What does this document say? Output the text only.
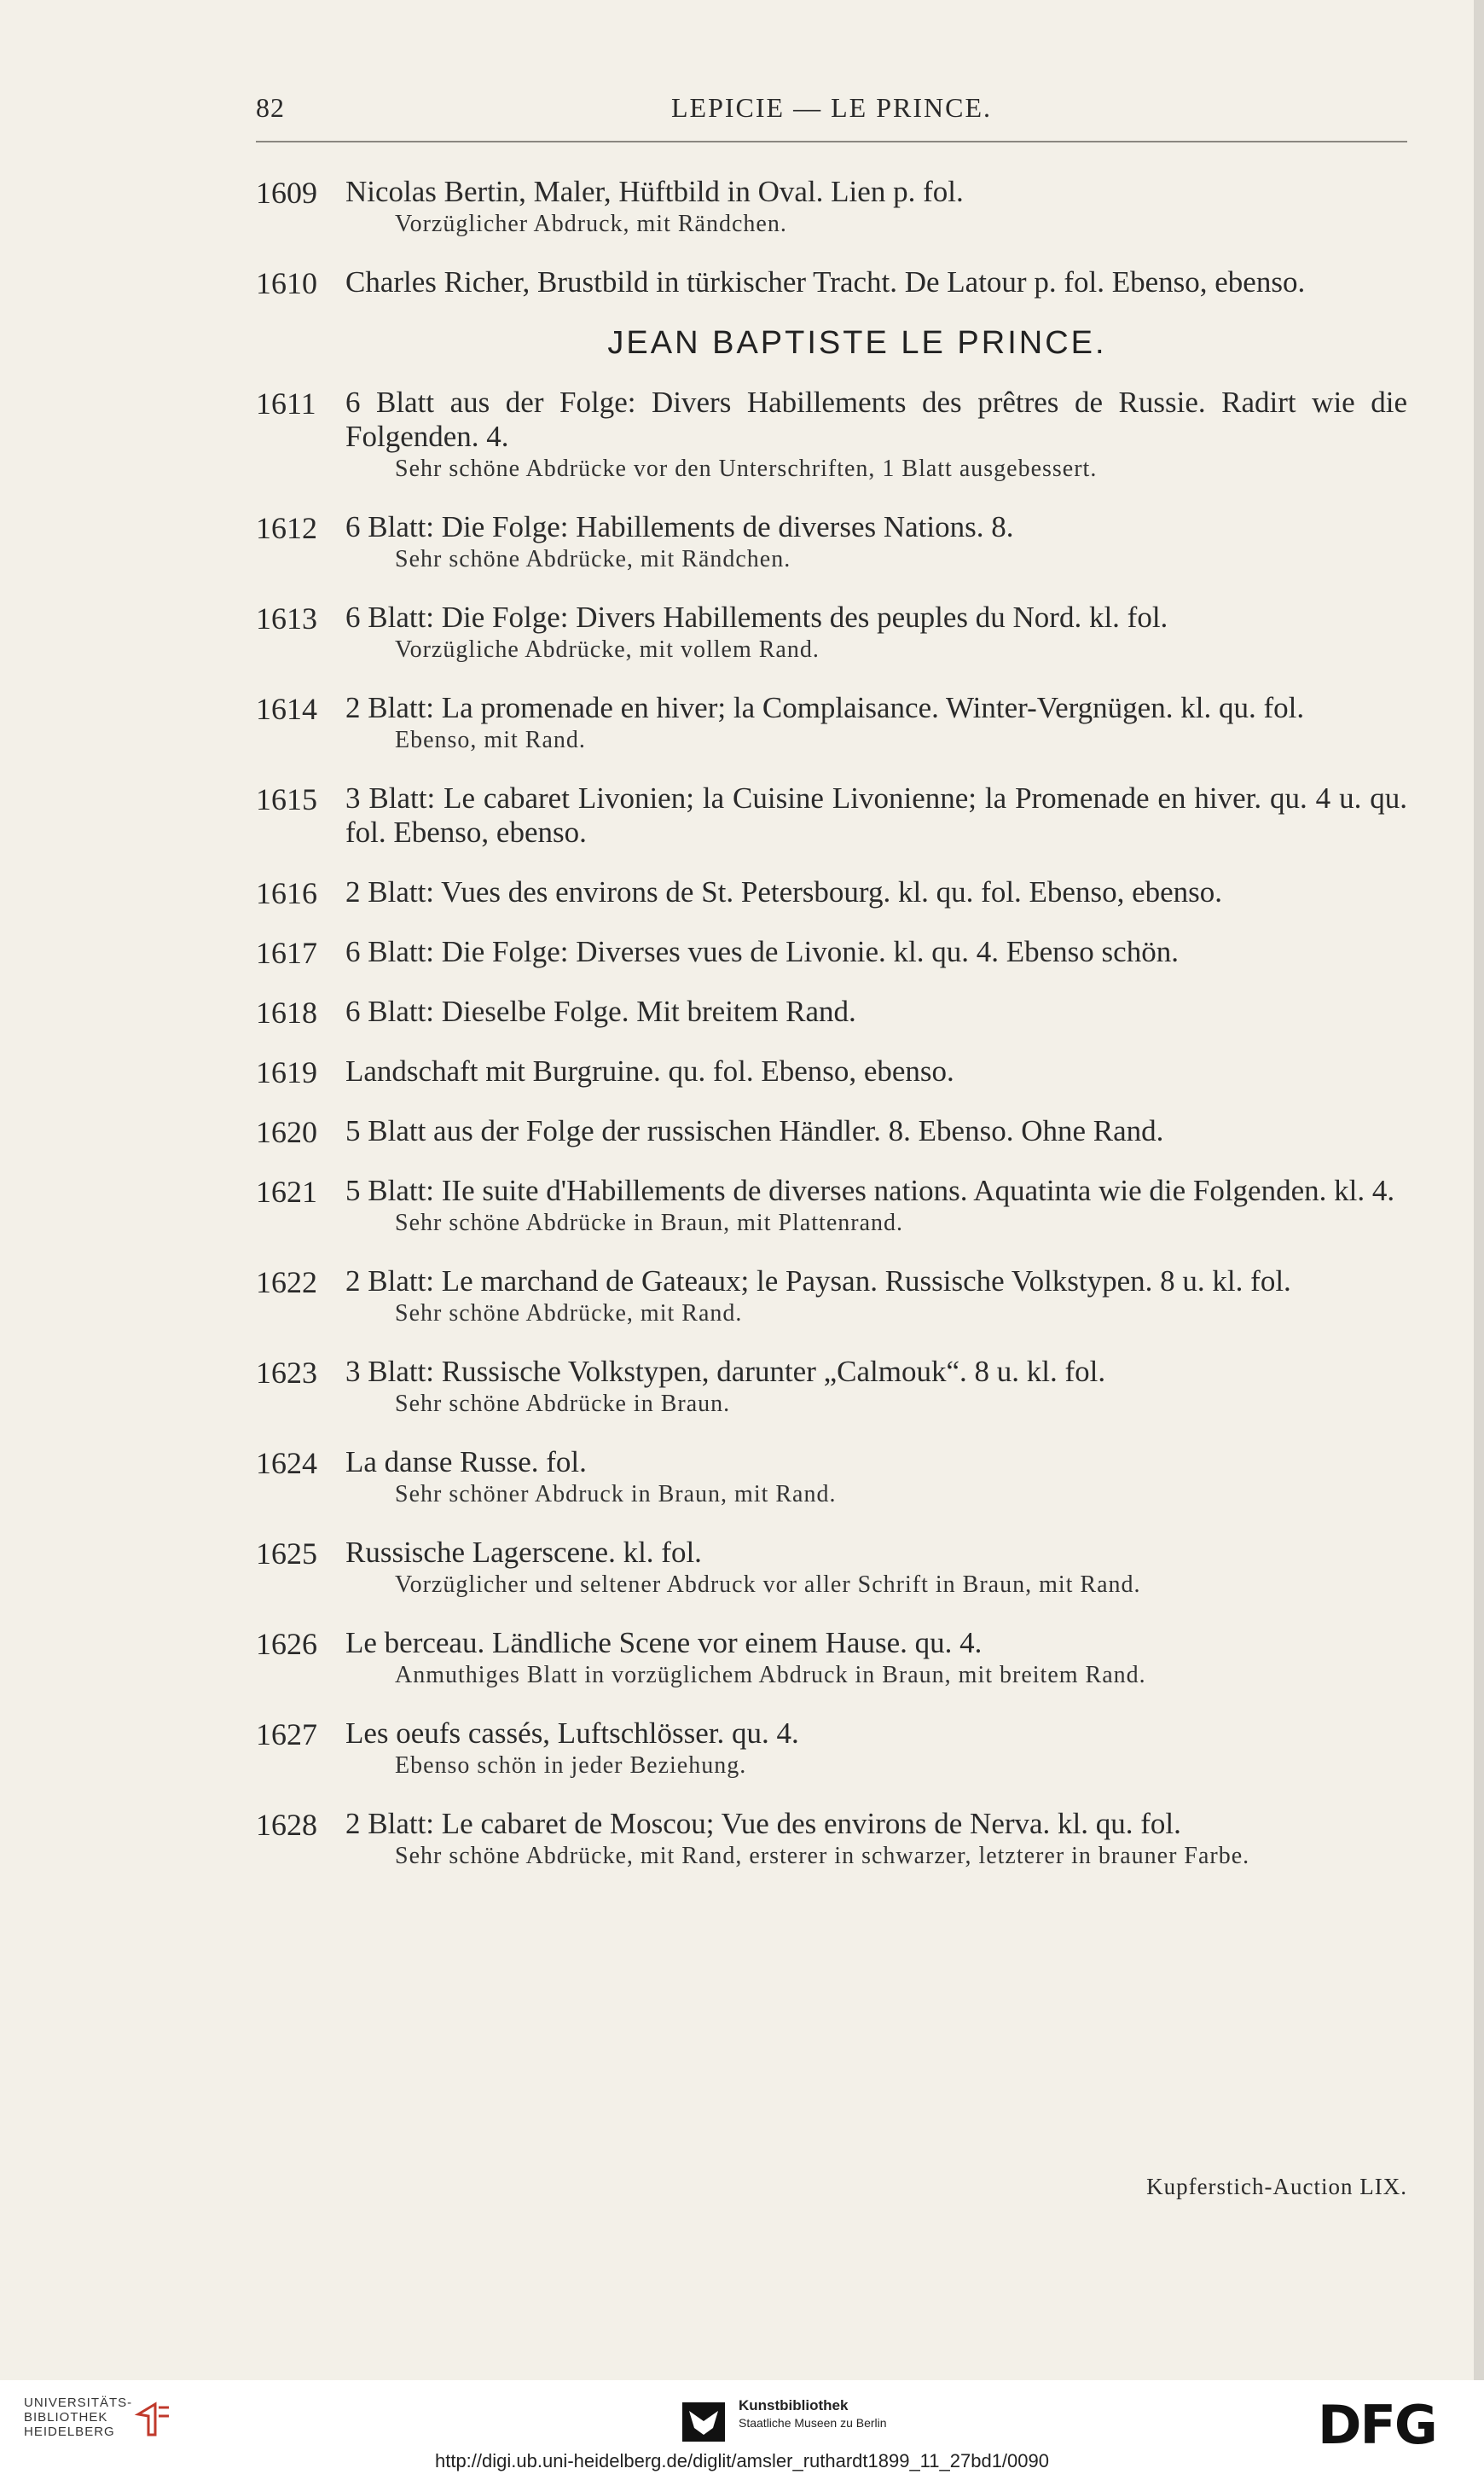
82	LEPICIE — LE PRINCE.
1609 Nicolas Bertin, Maler, Hüftbild in Oval. Lien p. fol.
Vorzüglicher Abdruck, mit Rändchen.
1610 Charles Richer, Brustbild in türkischer Tracht. De Latour p. fol. Ebenso, ebenso.
JEAN BAPTISTE LE PRINCE.
1611 6 Blatt aus der Folge: Divers Habillements des prêtres de Russie. Radirt wie die Folgenden. 4.
Sehr schöne Abdrücke vor den Unterschriften, 1 Blatt ausgebessert.
1612 6 Blatt: Die Folge: Habillements de diverses Nations. 8.
Sehr schöne Abdrücke, mit Rändchen.
1613 6 Blatt: Die Folge: Divers Habillements des peuples du Nord. kl. fol.
Vorzügliche Abdrücke, mit vollem Rand.
1614 2 Blatt: La promenade en hiver; la Complaisance. Winter-Vergnügen. kl. qu. fol.
Ebenso, mit Rand.
1615 3 Blatt: Le cabaret Livonien; la Cuisine Livonienne; la Promenade en hiver. qu. 4 u. qu. fol. Ebenso, ebenso.
1616 2 Blatt: Vues des environs de St. Petersbourg. kl. qu. fol. Ebenso, ebenso.
1617 6 Blatt: Die Folge: Diverses vues de Livonie. kl. qu. 4. Ebenso schön.
1618 6 Blatt: Dieselbe Folge. Mit breitem Rand.
1619 Landschaft mit Burgruine. qu. fol. Ebenso, ebenso.
1620 5 Blatt aus der Folge der russischen Händler. 8. Ebenso. Ohne Rand.
1621 5 Blatt: IIe suite d'Habillements de diverses nations. Aquatinta wie die Folgenden. kl. 4.
Sehr schöne Abdrücke in Braun, mit Plattenrand.
1622 2 Blatt: Le marchand de Gateaux; le Paysan. Russische Volkstypen. 8 u. kl. fol.
Sehr schöne Abdrücke, mit Rand.
1623 3 Blatt: Russische Volkstypen, darunter „Calmouk“. 8 u. kl. fol.
Sehr schöne Abdrücke in Braun.
1624 La danse Russe. fol.
Sehr schöner Abdruck in Braun, mit Rand.
1625 Russische Lagerscene. kl. fol.
Vorzüglicher und seltener Abdruck vor aller Schrift in Braun, mit Rand.
1626 Le berceau. Ländliche Scene vor einem Hause. qu. 4.
Anmuthiges Blatt in vorzüglichem Abdruck in Braun, mit breitem Rand.
1627 Les oeufs cassés, Luftschlösser. qu. 4.
Ebenso schön in jeder Beziehung.
1628 2 Blatt: Le cabaret de Moscou; Vue des environs de Nerva. kl. qu. fol.
Sehr schöne Abdrücke, mit Rand, ersterer in schwarzer, letzterer in brauner Farbe.
Kupferstich-Auction LIX.
UNIVERSITÄTS-
BIBLIOTHEK
HEIDELBERG
Kunstbibliothek
Staatliche Museen zu Berlin	DFG
http://digi.ub.uni-heidelberg.de/diglit/amsler_ruthardt1899_11_27bd1/0090
